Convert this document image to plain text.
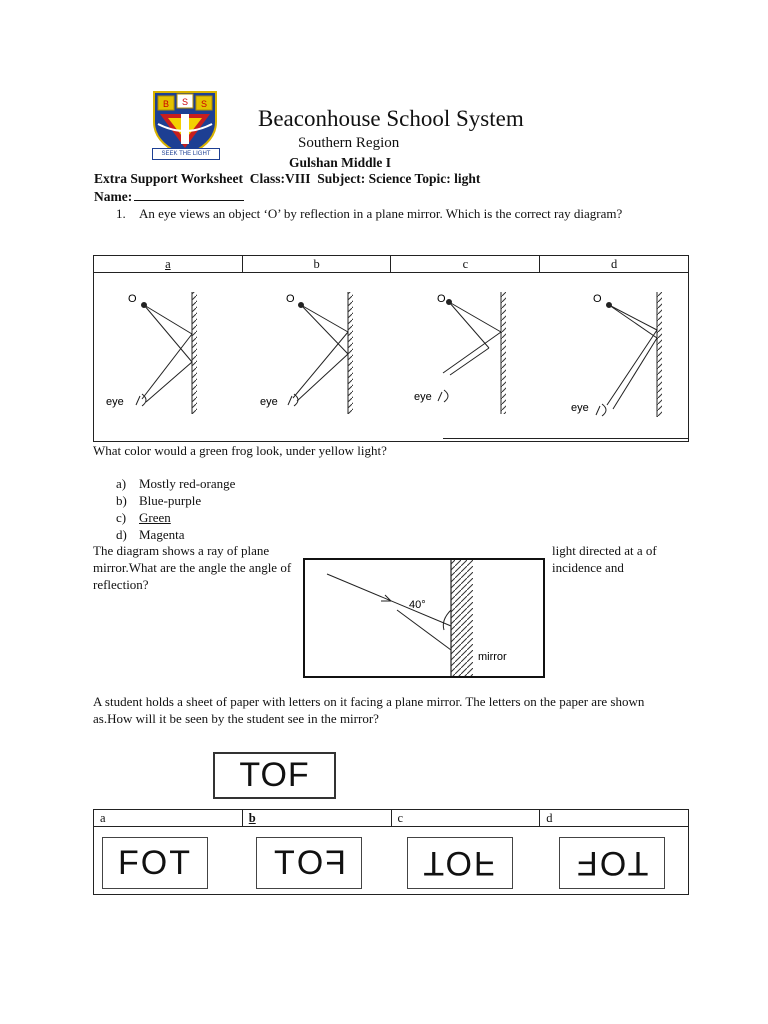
B S S
SEEK THE LIGHT
Beaconhouse School System
Southern Region
Gulshan Middle I
Extra Support Worksheet  Class:VIII  Subject: Science Topic: light
Name:
1. An eye views an object ‘O’ by reflection in a plane mirror. Which is the correct ray diagram?
a	b	c	d
O
eye
O
eye
O
eye
O
eye
What color would a green frog look, under yellow light?
a) Mostly red-orange
b) Blue-purple
c) Green
d) Magenta
The diagram shows a ray of plane mirror.What are the angle the angle of reflection?
light directed at a of incidence and
40°
mirror
A student holds a sheet of paper with letters on it facing a plane mirror. The letters on the paper are shown as.How will it be seen by the student see in the mirror?
TOF
a	b	c	d
FOT	FOT	TOF	TOF
